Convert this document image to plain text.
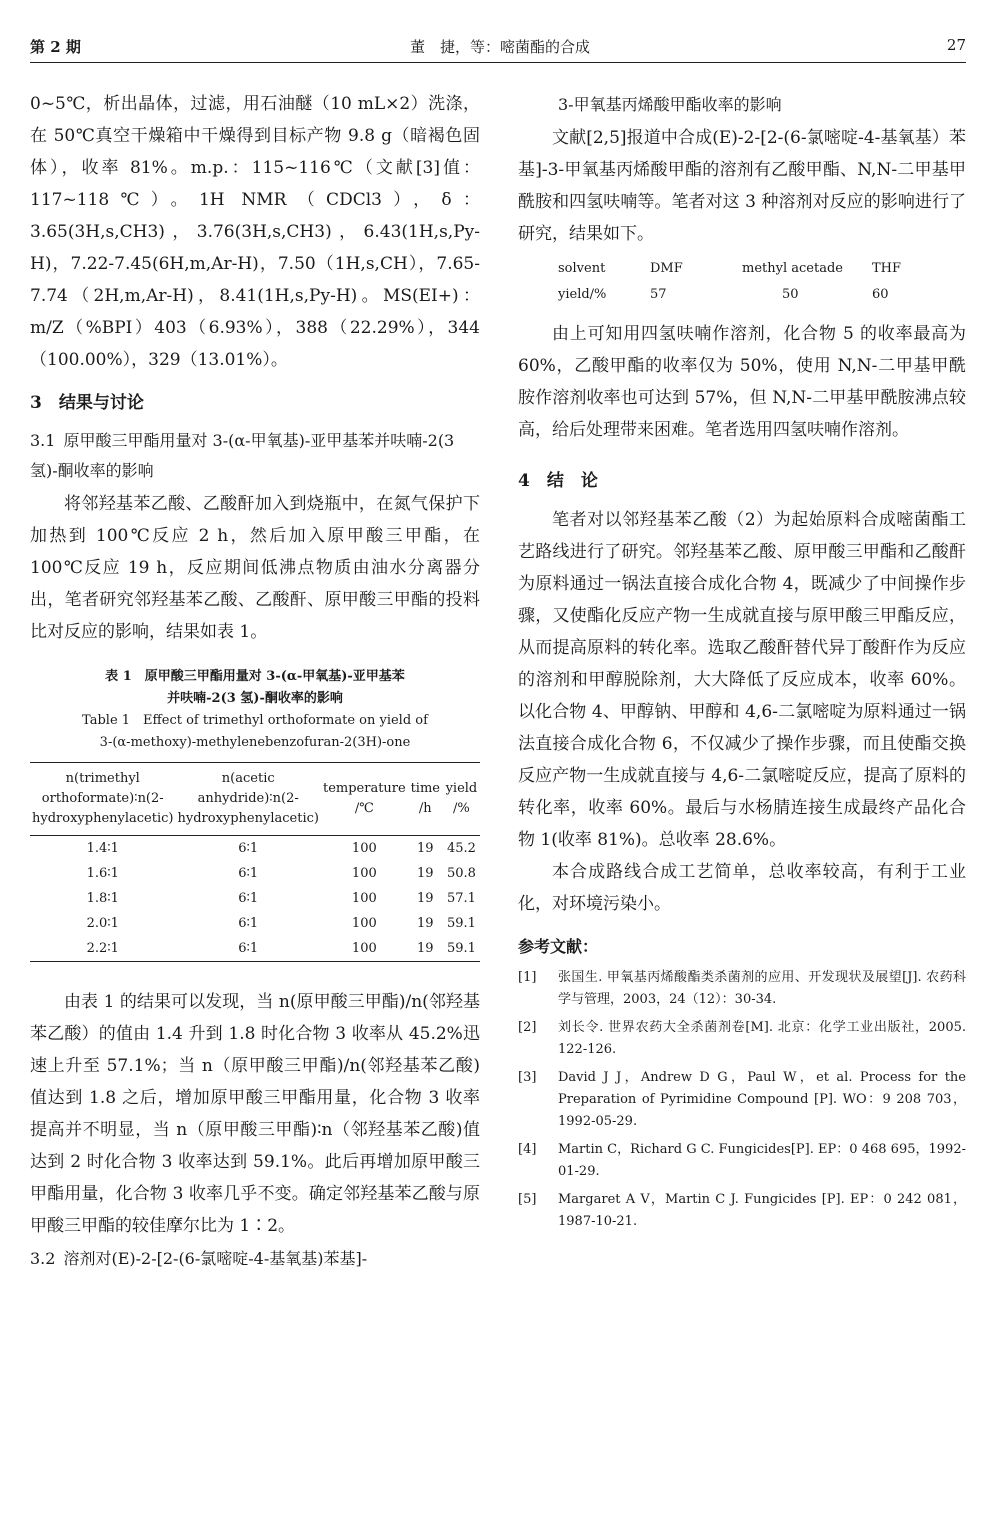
第 2 期	董　捷，等：嘧菌酯的合成	27

0~5℃，析出晶体，过滤，用石油醚（10 mL×2）洗涤，在 50℃真空干燥箱中干燥得到目标产物 9.8 g（暗褐色固体），收率 81%。m.p.：115~116℃（文献[3]值：117~118℃）。1H NMR（CDCl3），δ：3.65(3H,s,CH3)，3.76(3H,s,CH3)，6.43(1H,s,Py-H)，7.22-7.45(6H,m,Ar-H)，7.50（1H,s,CH），7.65-7.74（2H,m,Ar-H)，8.41(1H,s,Py-H)。MS(EI+)：m/Z（%BPI）403（6.93%），388（22.29%），344（100.00%），329（13.01%）。

3　结果与讨论
3.1 原甲酸三甲酯用量对 3-(α-甲氧基)-亚甲基苯并呋喃-2(3 氢)-酮收率的影响

将邻羟基苯乙酸、乙酸酐加入到烧瓶中，在氮气保护下加热到 100℃反应 2 h，然后加入原甲酸三甲酯，在 100℃反应 19 h，反应期间低沸点物质由油水分离器分出，笔者研究邻羟基苯乙酸、乙酸酐、原甲酸三甲酯的投料比对反应的影响，结果如表 1。

表 1　原甲酸三甲酯用量对 3-(α-甲氧基)-亚甲基苯
并呋喃-2(3 氢)-酮收率的影响
Table 1　Effect of trimethyl orthoformate on yield of
3-(α-methoxy)-methylenebenzofuran-2(3H)-one
n(trimethyl orthoformate)∶n(2-hydroxyphenylacetic)	n(acetic anhydride)∶n(2-hydroxyphenylacetic)	temperature /℃	time /h	yield /%
1.4∶1	6∶1	100	19	45.2
1.6∶1	6∶1	100	19	50.8
1.8∶1	6∶1	100	19	57.1
2.0∶1	6∶1	100	19	59.1
2.2∶1	6∶1	100	19	59.1

由表 1 的结果可以发现，当 n(原甲酸三甲酯)/n(邻羟基苯乙酸）的值由 1.4 升到 1.8 时化合物 3 收率从 45.2%迅速上升至 57.1%；当 n（原甲酸三甲酯)/n(邻羟基苯乙酸)值达到 1.8 之后，增加原甲酸三甲酯用量，化合物 3 收率提高并不明显，当 n（原甲酸三甲酯)∶n（邻羟基苯乙酸)值达到 2 时化合物 3 收率达到 59.1%。此后再增加原甲酸三甲酯用量，化合物 3 收率几乎不变。确定邻羟基苯乙酸与原甲酸三甲酯的较佳摩尔比为 1∶2。

3.2 溶剂对(E)-2-[2-(6-氯嘧啶-4-基氧基)苯基]-
3-甲氧基丙烯酸甲酯收率的影响

文献[2,5]报道中合成(E)-2-[2-(6-氯嘧啶-4-基氧基）苯基]-3-甲氧基丙烯酸甲酯的溶剂有乙酸甲酯、N,N-二甲基甲酰胺和四氢呋喃等。笔者对这 3 种溶剂对反应的影响进行了研究，结果如下。

solvent	DMF	methyl acetade	THF
yield/%	57	50	60

由上可知用四氢呋喃作溶剂，化合物 5 的收率最高为 60%，乙酸甲酯的收率仅为 50%，使用 N,N-二甲基甲酰胺作溶剂收率也可达到 57%，但 N,N-二甲基甲酰胺沸点较高，给后处理带来困难。笔者选用四氢呋喃作溶剂。

4　结　论

笔者对以邻羟基苯乙酸（2）为起始原料合成嘧菌酯工艺路线进行了研究。邻羟基苯乙酸、原甲酸三甲酯和乙酸酐为原料通过一锅法直接合成化合物 4，既减少了中间操作步骤，又使酯化反应产物一生成就直接与原甲酸三甲酯反应，从而提高原料的转化率。选取乙酸酐替代异丁酸酐作为反应的溶剂和甲醇脱除剂，大大降低了反应成本，收率 60%。以化合物 4、甲醇钠、甲醇和 4,6-二氯嘧啶为原料通过一锅法直接合成化合物 6，不仅减少了操作步骤，而且使酯交换反应产物一生成就直接与 4,6-二氯嘧啶反应，提高了原料的转化率，收率 60%。最后与水杨腈连接生成最终产品化合物 1(收率 81%)。总收率 28.6%。

本合成路线合成工艺简单，总收率较高，有利于工业化，对环境污染小。

参考文献：
[1]	张国生. 甲氧基丙烯酸酯类杀菌剂的应用、开发现状及展望[J]. 农药科学与管理，2003，24（12）：30-34.
[2]	刘长令. 世界农药大全杀菌剂卷[M]. 北京：化学工业出版社，2005. 122-126.
[3]	David J J，Andrew D G，Paul W，et al. Process for the Preparation of Pyrimidine Compound [P]. WO：9 208 703，1992-05-29.
[4]	Martin C，Richard G C. Fungicides[P]. EP：0 468 695，1992-01-29.
[5]	Margaret A V，Martin C J. Fungicides [P]. EP：0 242 081，1987-10-21.
